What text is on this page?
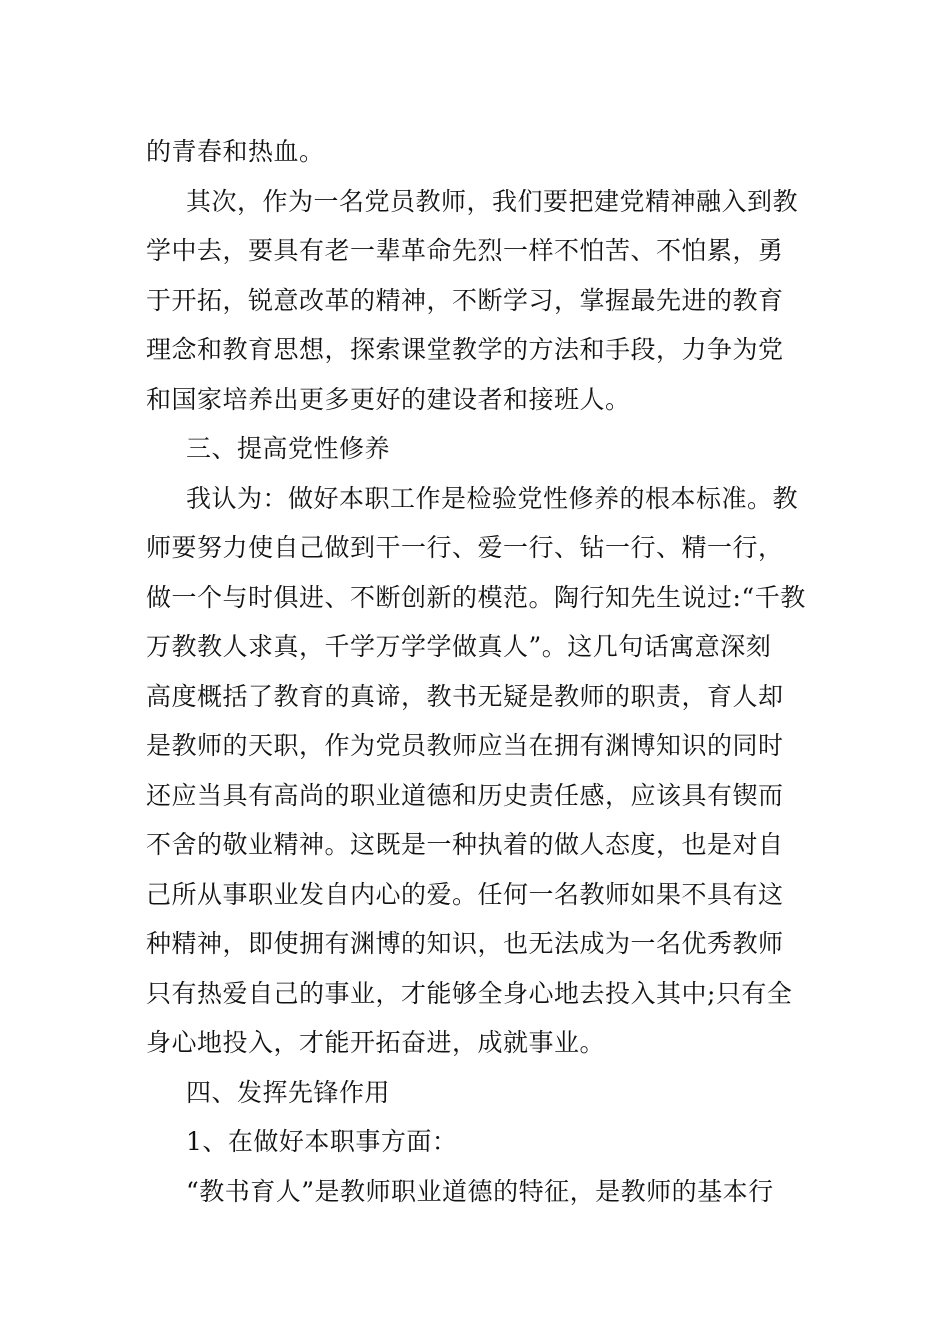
的青春和热血。
其次，作为一名党员教师，我们要把建党精神融入到教
学中去，要具有老一辈革命先烈一样不怕苦、不怕累，勇
于开拓，锐意改革的精神，不断学习，掌握最先进的教育
理念和教育思想，探索课堂教学的方法和手段，力争为党
和国家培养出更多更好的建设者和接班人。
三、提高党性修养
我认为：做好本职工作是检验党性修养的根本标准。教
师要努力使自己做到干一行、爱一行、钻一行、精一行，
做一个与时俱进、不断创新的模范。陶行知先生说过:“千教
万教教人求真，千学万学学做真人”。这几句话寓意深刻
高度概括了教育的真谛，教书无疑是教师的职责，育人却
是教师的天职，作为党员教师应当在拥有渊博知识的同时
还应当具有高尚的职业道德和历史责任感，应该具有锲而
不舍的敬业精神。这既是一种执着的做人态度，也是对自
己所从事职业发自内心的爱。任何一名教师如果不具有这
种精神，即使拥有渊博的知识，也无法成为一名优秀教师
只有热爱自己的事业，才能够全身心地去投入其中;只有全
身心地投入，才能开拓奋进，成就事业。
四、发挥先锋作用
1、在做好本职事方面：
“教书育人”是教师职业道德的特征，是教师的基本行
